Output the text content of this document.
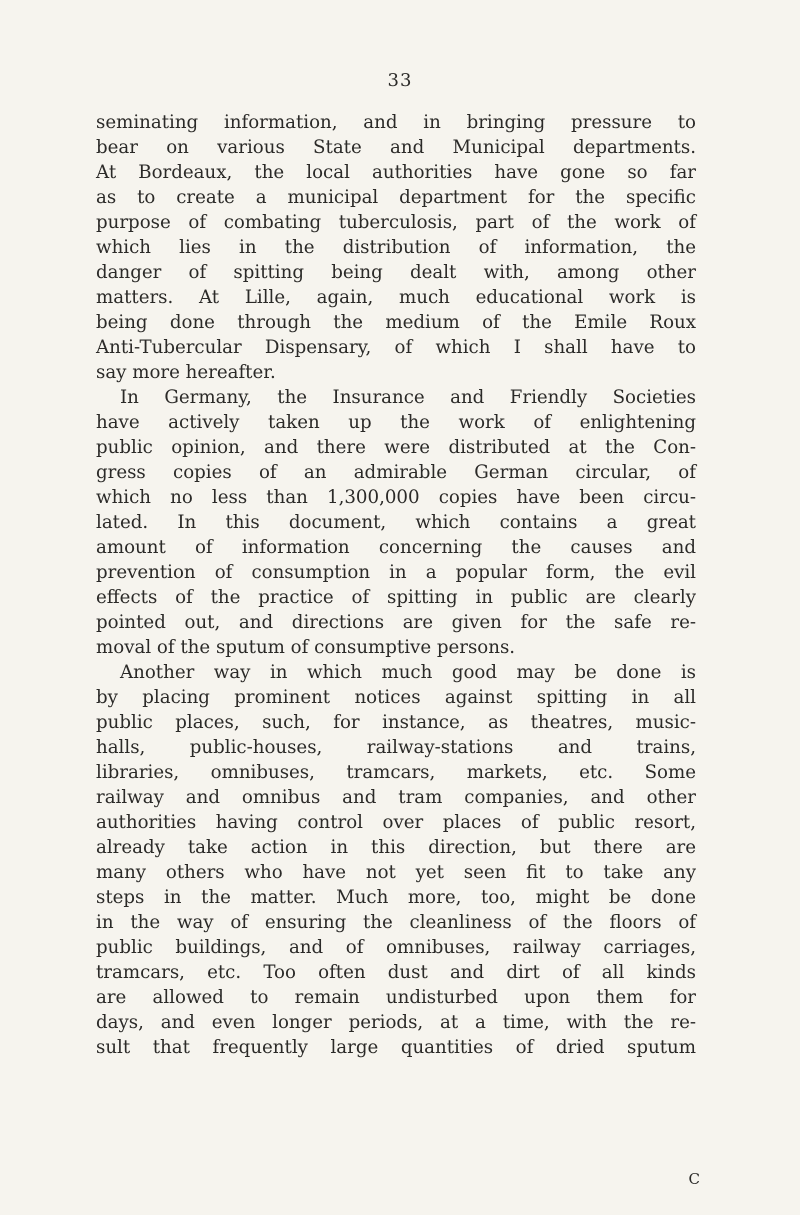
33
seminating information, and in bringing pressure to
bear on various State and Municipal departments.
At Bordeaux, the local authorities have gone so far
as to create a municipal department for the specific
purpose of combating tuberculosis, part of the work of
which lies in the distribution of information, the
danger of spitting being dealt with, among other
matters. At Lille, again, much educational work is
being done through the medium of the Emile Roux
Anti-Tubercular Dispensary, of which I shall have to
say more hereafter.
In Germany, the Insurance and Friendly Societies
have actively taken up the work of enlightening
public opinion, and there were distributed at the Con-
gress copies of an admirable German circular, of
which no less than 1,300,000 copies have been circu-
lated. In this document, which contains a great
amount of information concerning the causes and
prevention of consumption in a popular form, the evil
effects of the practice of spitting in public are clearly
pointed out, and directions are given for the safe re-
moval of the sputum of consumptive persons.
Another way in which much good may be done is
by placing prominent notices against spitting in all
public places, such, for instance, as theatres, music-
halls, public-houses, railway-stations and trains,
libraries, omnibuses, tramcars, markets, etc. Some
railway and omnibus and tram companies, and other
authorities having control over places of public resort,
already take action in this direction, but there are
many others who have not yet seen fit to take any
steps in the matter. Much more, too, might be done
in the way of ensuring the cleanliness of the floors of
public buildings, and of omnibuses, railway carriages,
tramcars, etc. Too often dust and dirt of all kinds
are allowed to remain undisturbed upon them for
days, and even longer periods, at a time, with the re-
sult that frequently large quantities of dried sputum
C
